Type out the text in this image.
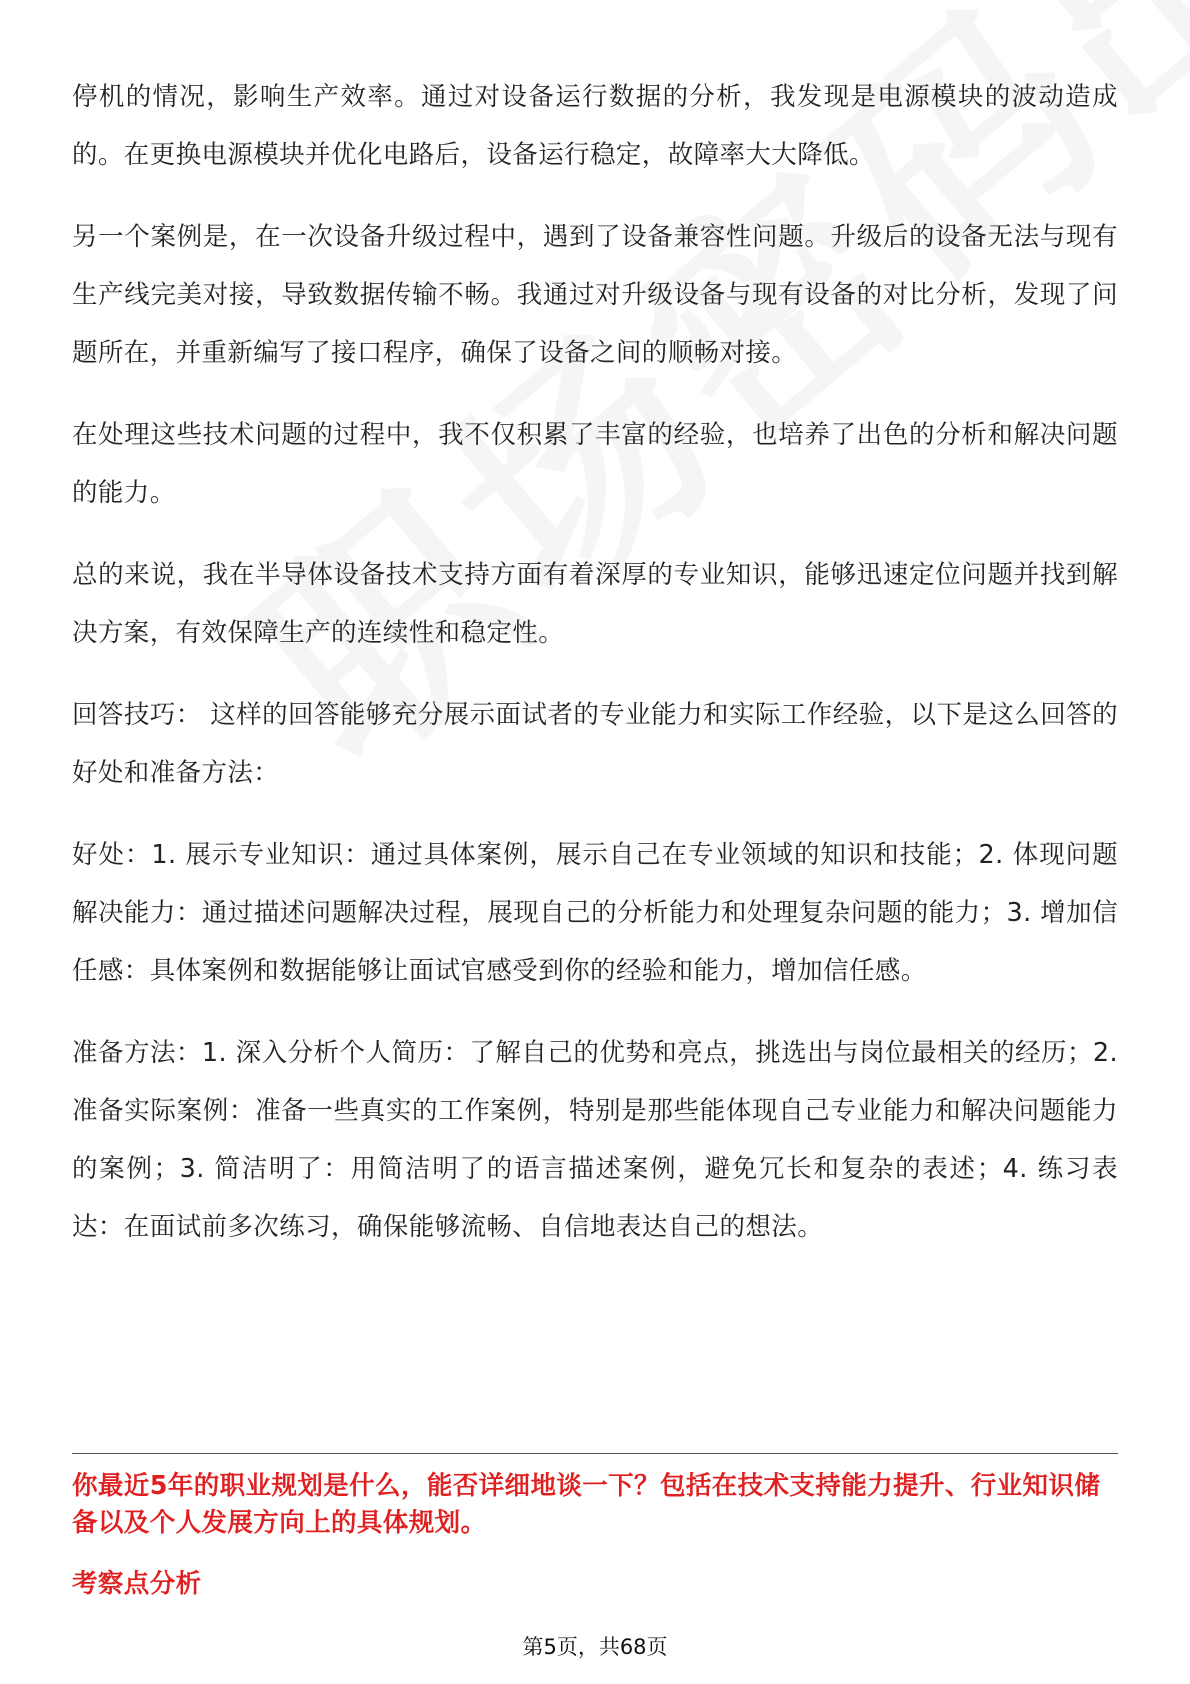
停机的情况，影响生产效率。通过对设备运行数据的分析，我发现是电源模块的波动造成的。在更换电源模块并优化电路后，设备运行稳定，故障率大大降低。

另一个案例是，在一次设备升级过程中，遇到了设备兼容性问题。升级后的设备无法与现有生产线完美对接，导致数据传输不畅。我通过对升级设备与现有设备的对比分析，发现了问题所在，并重新编写了接口程序，确保了设备之间的顺畅对接。

在处理这些技术问题的过程中，我不仅积累了丰富的经验，也培养了出色的分析和解决问题的能力。

总的来说，我在半导体设备技术支持方面有着深厚的专业知识，能够迅速定位问题并找到解决方案，有效保障生产的连续性和稳定性。

回答技巧： 这样的回答能够充分展示面试者的专业能力和实际工作经验，以下是这么回答的好处和准备方法：

好处：1. 展示专业知识：通过具体案例，展示自己在专业领域的知识和技能；2. 体现问题解决能力：通过描述问题解决过程，展现自己的分析能力和处理复杂问题的能力；3. 增加信任感：具体案例和数据能够让面试官感受到你的经验和能力，增加信任感。

准备方法：1. 深入分析个人简历：了解自己的优势和亮点，挑选出与岗位最相关的经历；2. 准备实际案例：准备一些真实的工作案例，特别是那些能体现自己专业能力和解决问题能力的案例；3. 简洁明了：用简洁明了的语言描述案例，避免冗长和复杂的表述；4. 练习表达：在面试前多次练习，确保能够流畅、自信地表达自己的想法。

你最近5年的职业规划是什么，能否详细地谈一下？包括在技术支持能力提升、行业知识储备以及个人发展方向上的具体规划。

考察点分析

第5页，共68页
